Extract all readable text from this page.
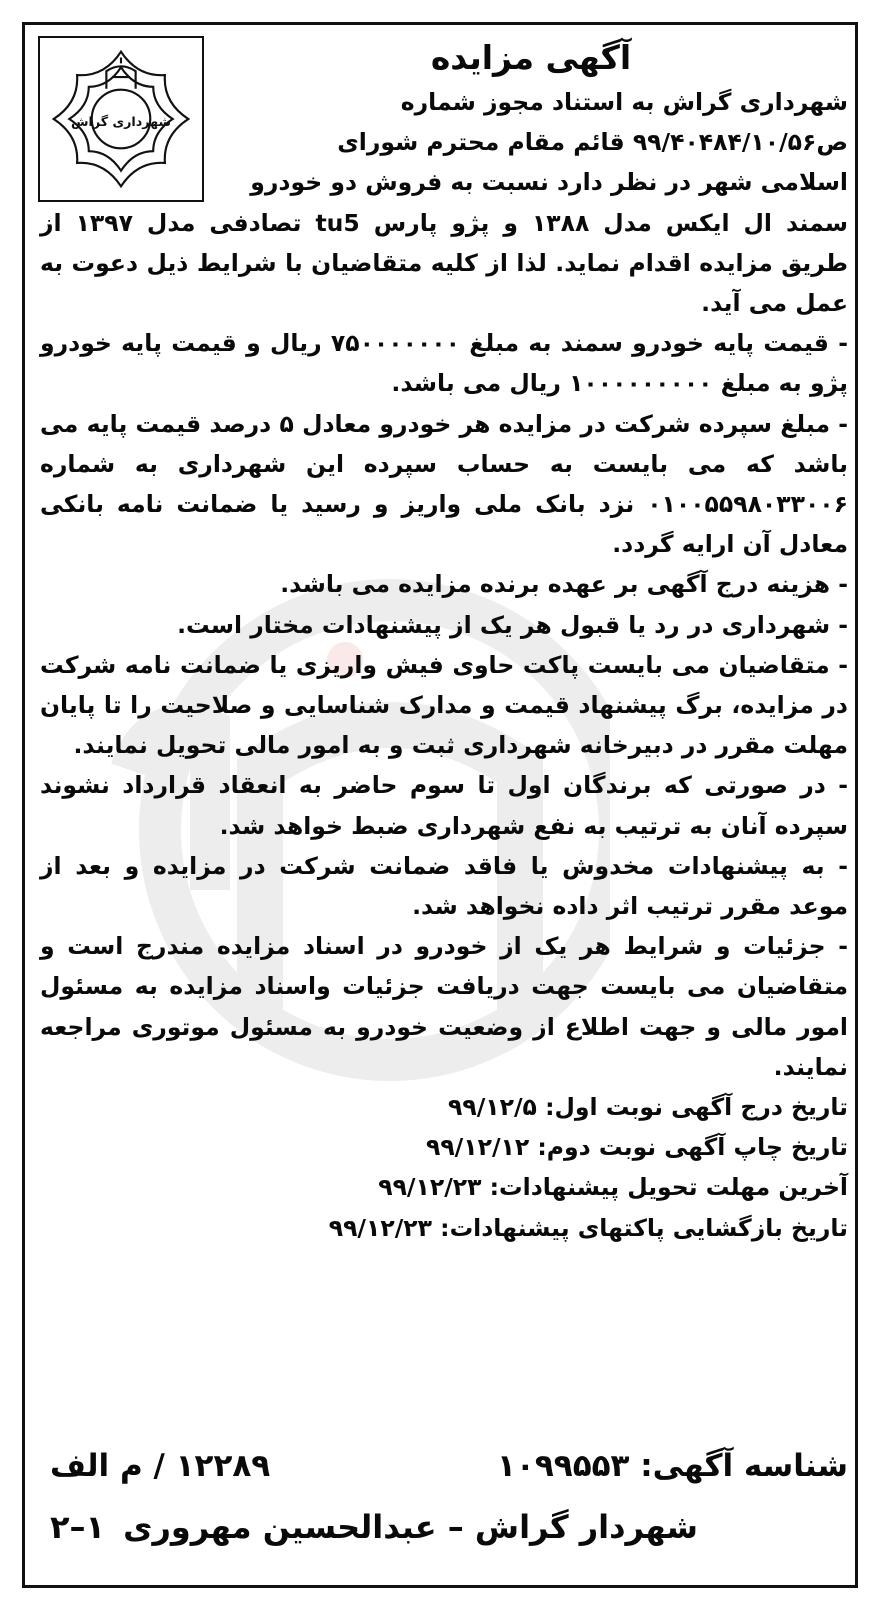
شهرداری گراش
آگهی مزایده

شهرداری گراش به استناد مجوز شماره

ص۹۹/۴۰۴۸۴/۱۰/۵۶ قائم مقام محترم شورای

اسلامی شهر در نظر دارد نسبت به فروش دو خودرو

سمند ال ایکس مدل ۱۳۸۸ و پژو پارس tu5 تصادفی مدل ۱۳۹۷ از طریق مزایده اقدام نماید. لذا از کلیه متقاضیان با شرایط ذیل دعوت به عمل می آید.

- قیمت پایه خودرو سمند به مبلغ ۷۵۰۰۰۰۰۰۰ ریال و قیمت پایه خودرو پژو به مبلغ ۱۰۰۰۰۰۰۰۰۰ ریال می باشد.

- مبلغ سپرده شرکت در مزایده هر خودرو معادل ۵ درصد قیمت پایه می باشد که می بایست به حساب سپرده این شهرداری به شماره ۰۱۰۰۵۵۹۸۰۳۳۰۰۶ نزد بانک ملی واریز و رسید یا ضمانت نامه بانکی معادل آن ارایه گردد.

- هزینه درج آگهی بر عهده برنده مزایده می باشد.

- شهرداری در رد یا قبول هر یک از پیشنهادات مختار است.

- متقاضیان می بایست پاکت حاوی فیش واریزی یا ضمانت نامه شرکت در مزایده، برگ پیشنهاد قیمت و مدارک شناسایی و صلاحیت را تا پایان مهلت مقرر در دبیرخانه شهرداری ثبت و به امور مالی تحویل نمایند.

- در صورتی که برندگان اول تا سوم حاضر به انعقاد قرارداد نشوند سپرده آنان به ترتیب به نفع شهرداری ضبط خواهد شد.

- به پیشنهادات مخدوش یا فاقد ضمانت شرکت در مزایده و بعد از موعد مقرر ترتیب اثر داده نخواهد شد.

- جزئیات و شرایط هر یک از خودرو در اسناد مزایده مندرج است و متقاضیان می بایست جهت دریافت جزئیات واسناد مزایده به مسئول امور مالی و جهت اطلاع از وضعیت خودرو به مسئول موتوری مراجعه نمایند.

تاریخ درج آگهی نوبت اول: ۹۹/۱۲/۵
تاریخ چاپ آگهی نوبت دوم: ۹۹/۱۲/۱۲
آخرین مهلت تحویل پیشنهادات: ۹۹/۱۲/۲۳
تاریخ بازگشایی پاکتهای پیشنهادات: ۹۹/۱۲/۲۳
شناسه آگهی: ۱۰۹۹۵۵۳
۱۲۲۸۹ / م الف
شهردار گراش – عبدالحسین مهروری
۱–۲
